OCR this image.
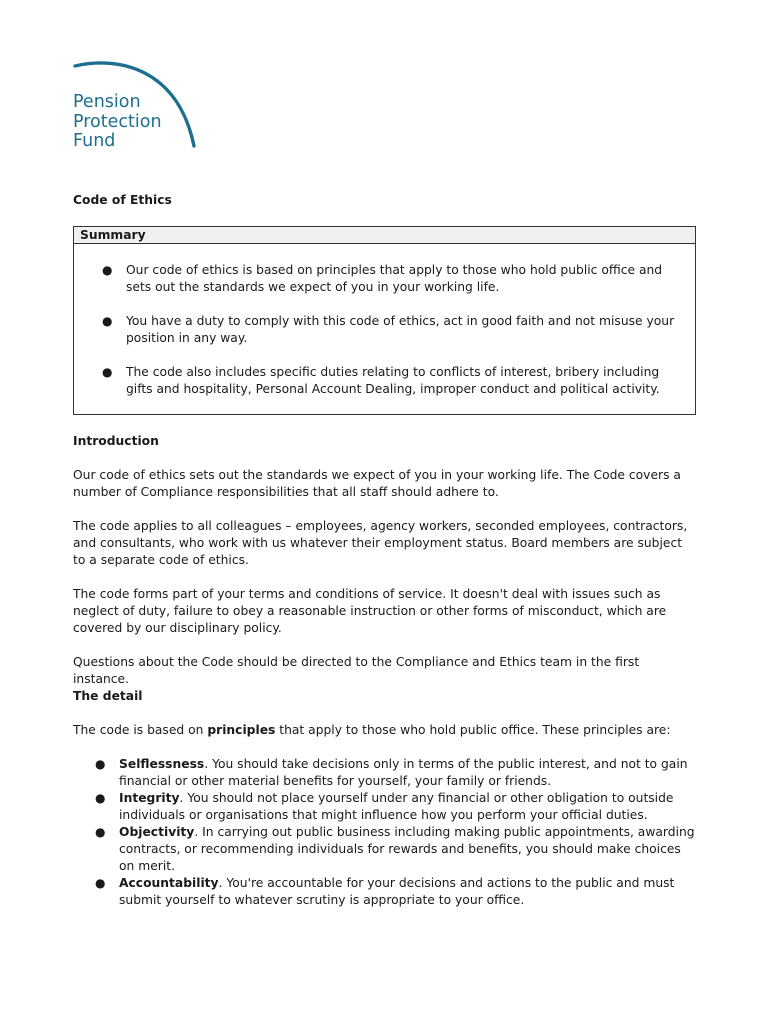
Pension
Protection
Fund
Code of Ethics
Summary
● Our code of ethics is based on principles that apply to those who hold public office and sets out the standards we expect of you in your working life.
● You have a duty to comply with this code of ethics, act in good faith and not misuse your position in any way.
● The code also includes specific duties relating to conflicts of interest, bribery including gifts and hospitality, Personal Account Dealing, improper conduct and political activity.
Introduction
Our code of ethics sets out the standards we expect of you in your working life. The Code covers a number of Compliance responsibilities that all staff should adhere to.
The code applies to all colleagues – employees, agency workers, seconded employees, contractors, and consultants, who work with us whatever their employment status. Board members are subject to a separate code of ethics.
The code forms part of your terms and conditions of service. It doesn't deal with issues such as neglect of duty, failure to obey a reasonable instruction or other forms of misconduct, which are covered by our disciplinary policy.
Questions about the Code should be directed to the Compliance and Ethics team in the first instance.
The detail
The code is based on principles that apply to those who hold public office. These principles are:
● Selflessness. You should take decisions only in terms of the public interest, and not to gain financial or other material benefits for yourself, your family or friends.
● Integrity. You should not place yourself under any financial or other obligation to outside individuals or organisations that might influence how you perform your official duties.
● Objectivity. In carrying out public business including making public appointments, awarding contracts, or recommending individuals for rewards and benefits, you should make choices on merit.
● Accountability. You're accountable for your decisions and actions to the public and must submit yourself to whatever scrutiny is appropriate to your office.
